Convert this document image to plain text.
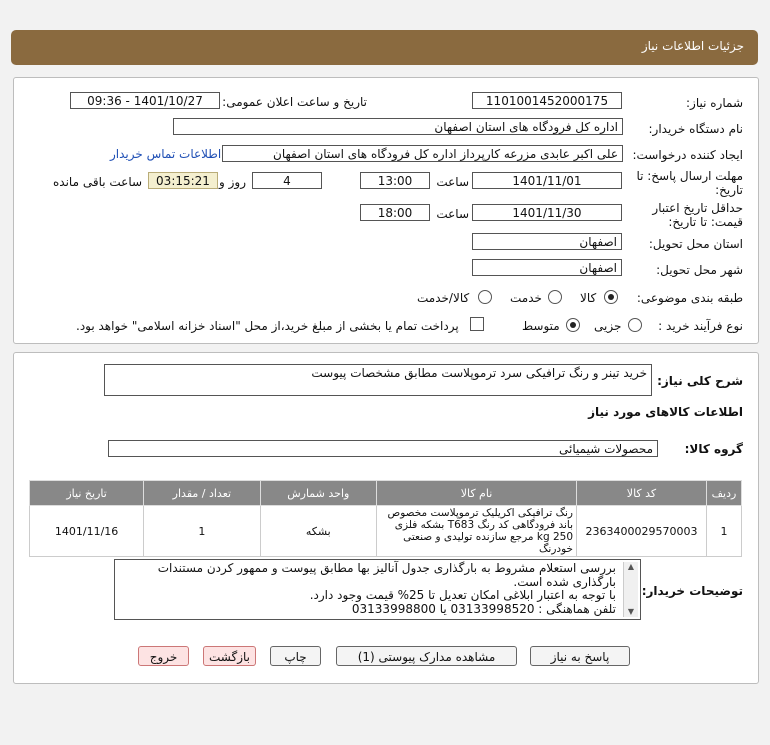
جزئیات اطلاعات نیاز
شماره نیاز:
1101001452000175
تاریخ و ساعت اعلان عمومی:
1401/10/27 - 09:36
نام دستگاه خریدار:
اداره کل فرودگاه های استان اصفهان
ایجاد کننده درخواست:
علی اکبر عابدی مزرعه کارپرداز اداره کل فرودگاه های استان اصفهان
اطلاعات تماس خریدار
مهلت ارسال پاسخ: تا
تاریخ:
1401/11/01
ساعت
13:00
4
روز و
03:15:21
ساعت باقی مانده
حداقل تاریخ اعتبار
قیمت: تا تاریخ:
1401/11/30
ساعت
18:00
استان محل تحویل:
اصفهان
شهر محل تحویل:
اصفهان
طبقه بندی موضوعی:
کالا
خدمت
کالا/خدمت
نوع فرآیند خرید :
جزیی
متوسط
پرداخت تمام یا بخشی از مبلغ خرید،از محل "اسناد خزانه اسلامی" خواهد بود.
شرح کلی نیاز:
خرید تینر و رنگ ترافیکی سرد ترموپلاست مطابق مشخصات پیوست
اطلاعات کالاهای مورد نیاز
گروه کالا:
محصولات شیمیائی
ردیف	کد کالا	نام کالا	واحد شمارش	تعداد / مقدار	تاریخ نیاز
1	2363400029570003	رنگ ترافیکی اکریلیک ترموپلاست مخصوص باند فرودگاهی کد رنگ T683 بشکه فلزی 250 kg مرجع سازنده تولیدی و صنعتی خودرنگ	بشکه	1	1401/11/16
توضیحات خریدار:
بررسی استعلام مشروط به بارگذاری جدول آنالیز بها مطابق پیوست و ممهور کردن مستندات
بارگذاری شده است.
با توجه به اعتبار ابلاغی امکان تعدیل تا 25% قیمت وجود دارد.
تلفن هماهنگی : 03133998520 یا 03133998800
▲
▼
پاسخ به نیاز
مشاهده مدارک پیوستی (1)
چاپ
بازگشت
خروج
